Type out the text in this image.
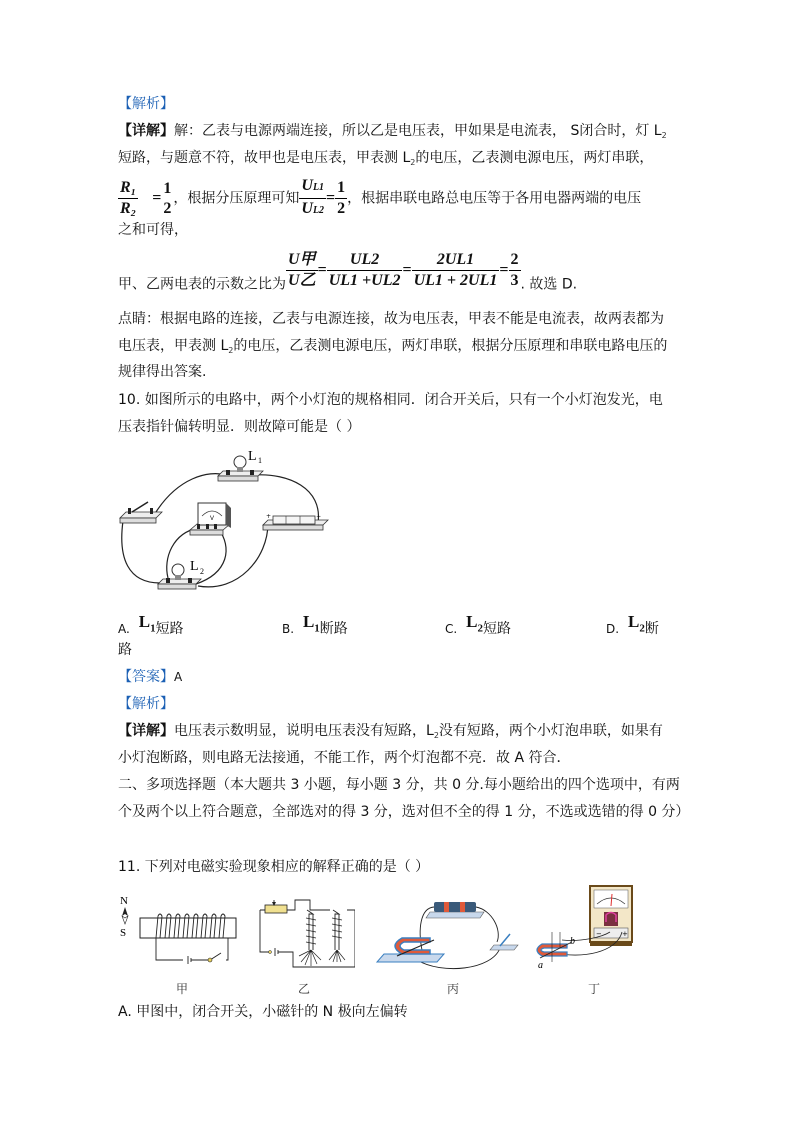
【解析】
【详解】解：乙表与电源两端连接，所以乙是电压表，甲如果是电流表， S闭合时，灯 $L_2$
短路，与题意不符，故甲也是电压表，甲表测 $L_2$的电压，乙表测电源电压，两灯串联，
$\frac{\text{R₁}}{\text{R₂}}$ =
1
2
，根据分压原理可知 $\frac{UL1}{UL2} = \frac{1}{2}$ ，根据串联电路总电压等于各用电器两端的电压
之和可得，
甲、乙两电表的示数之比为 $\frac{\text{U甲}}{\text{U乙}} = \frac{UL2}{UL1 +UL2} = \frac{2UL1}{UL1 + 2UL1} = \frac{2}{3}$ . 故选 D.
点睛：根据电路的连接，乙表与电源连接，故为电压表，甲表不能是电流表，故两表都为
电压表，甲表测 $L_2$的电压，乙表测电源电压，两灯串联，根据分压原理和串联电路电压的
规律得出答案.
10. 如图所示的电路中，两个小灯泡的规格相同．闭合开关后，只有一个小灯泡发光，电
压表指针偏转明显．则故障可能是（ ）
L 1
V	+	−
L 2
A. $L_1$短路	B. $L_1$断路	C. $L_2$短路	D. $L_2$断
路
【答案】A
【解析】
【详解】电压表示数明显，说明电压表没有短路，$L_2$没有短路，两个小灯泡串联，如果有
小灯泡断路，则电路无法接通，不能工作，两个灯泡都不亮．故 A 符合．
二、多项选择题（本大题共 3 小题，每小题 3 分，共 0 分.每小题给出的四个选项中，有两
个及两个以上符合题意，全部选对的得 3 分，选对但不全的得 1 分，不选或选错的得 0 分）
11. 下列对电磁实验现象相应的解释正确的是（ ）
N
S
甲	乙	丙
−	+
b
a
丁
A. 甲图中，闭合开关，小磁针的 N 极向左偏转
